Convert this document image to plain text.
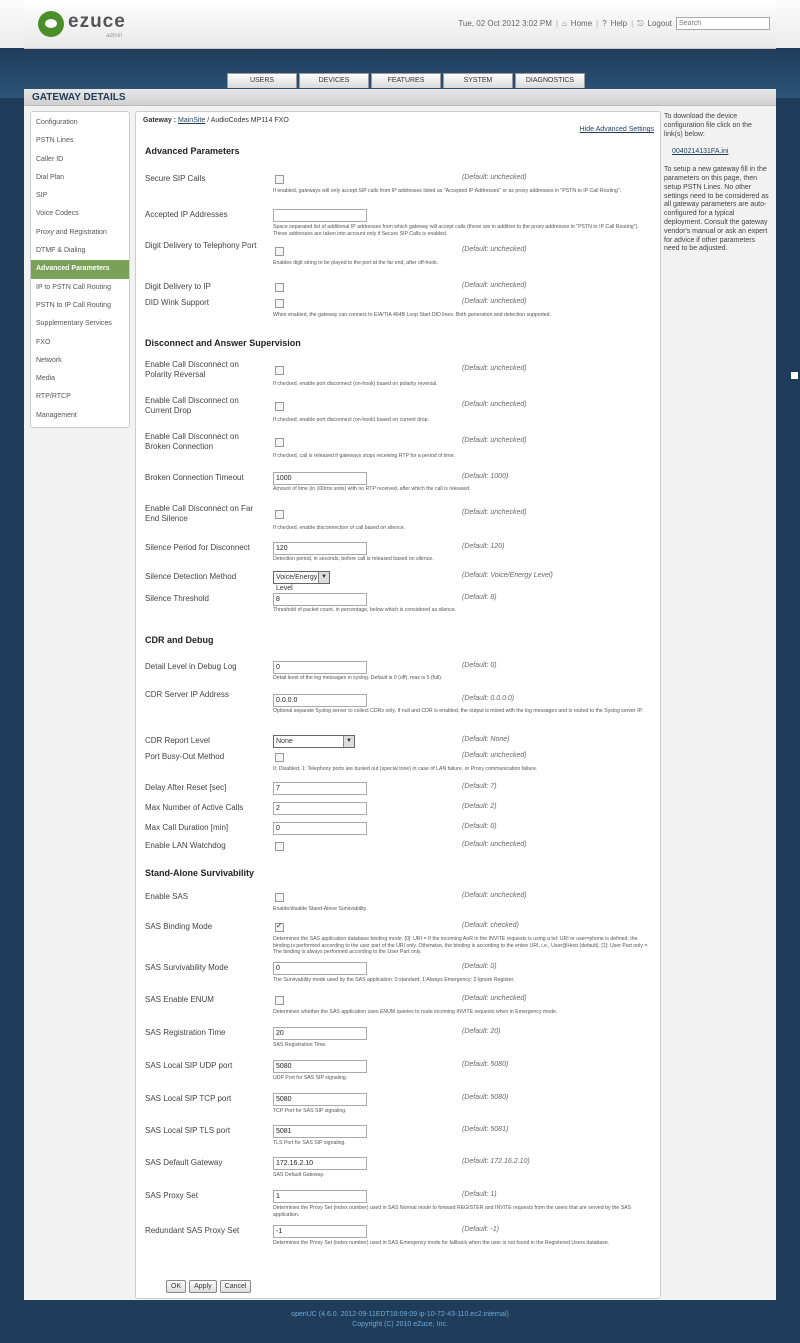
ezuce
admin
Tue, 02 Oct 2012 3:02 PM | ⌂ Home | ? Help | ⎋ Logout
Search
USERS	DEVICES	FEATURES	SYSTEM	DIAGNOSTICS
GATEWAY DETAILS
Configuration
PSTN Lines
Caller ID
Dial Plan
SIP
Voice Codecs
Proxy and Registration
DTMF & Dialing
Advanced Parameters
IP to PSTN Call Routing
PSTN to IP Call Routing
Supplementary Services
FXO
Network
Media
RTP/RTCP
Management
Gateway : MainSite / AudioCodes MP114 FXO
Hide Advanced Settings
Advanced Parameters
Disconnect and Answer Supervision
CDR and Debug
Stand-Alone Survivability
OK	Apply	Cancel
Secure SIP Calls	(Default: unchecked)
If enabled, gateways will only accept SIP calls from IP addresses listed as "Accepted IP Addresses" or as proxy addresses in "PSTN to IP Call Routing".
Accepted IP Addresses
Space separated list of additional IP addresses from which gateway will accept calls (these are in addition to the proxy addresses in "PSTN to IP Call Routing"). These addresses are taken into account only if Secure SIP Calls is enabled.
Digit Delivery to Telephony Port	(Default: unchecked)
Enables digit string to be played to the port at the far end, after off-hook.
Digit Delivery to IP	(Default: unchecked)
DID Wink Support	(Default: unchecked)
When enabled, the gateway can connect to EIA/TIA 464B Loop Start DID lines. Both generation and detection supported.
Enable Call Disconnect on Polarity Reversal
(Default: unchecked)
If checked, enable port disconnect (on-hook) based on polarity reversal.
Enable Call Disconnect on Current Drop
(Default: unchecked)
If checked, enable port disconnect (on-hook) based on current drop.
Enable Call Disconnect on Broken Connection
(Default: unchecked)
If checked, call is released if gateways stops receiving RTP for a period of time.
Broken Connection Timeout	1000	(Default: 1000)
Amount of time (in 100ms units) with no RTP received, after which the call is released.
Enable Call Disconnect on Far End Silence
(Default: unchecked)
If checked, enable disconnection of call based on silence.
Silence Period for Disconnect	120	(Default: 120)
Detection period, in seconds, before call is released based on silence.
Silence Detection Method	Voice/Energy Level
▼	(Default: Voice/Energy Level)
Silence Threshold	8	(Default: 8)
Threshold of packet count, in percentage, below which is considered as silence.
Detail Level in Debug Log	0	(Default: 0)
Detail level of the log messages in syslog. Default is 0 (off), max is 5 (full).
CDR Server IP Address
0.0.0.0	(Default: 0.0.0.0)
Optional separate Syslog server to collect CDRs only. If null and CDR is enabled, the output is mixed with the log messages and is routed to the Syslog server IP.
CDR Report Level	None	▼	(Default: None)
Port Busy-Out Method	(Default: unchecked)
0: Disabled, 1: Telephony ports are busied out (special tone) in case of LAN failure, or Proxy communication failure.
Delay After Reset [sec]	7	(Default: 7)
Max Number of Active Calls	2	(Default: 2)
Max Call Duration [min]	0	(Default: 0)
Enable LAN Watchdog	(Default: unchecked)
Enable SAS	(Default: unchecked)
Enable/disable Stand-Alone Survivability.
SAS Binding Mode
✓	(Default: checked)
Determines the SAS application database binding mode. [0]: URI = If the incoming AoR in the INVITE requests is using a tel: URI or user=phone is defined, the binding is performed according to the user part of the URI only. Otherwise, the binding is according to the entire URI, i.e., User@Host (default). [1]: User Part only = The binding is always performed according to the User Part only.
SAS Survivability Mode	0	(Default: 0)
The Survivability mode used by the SAS application. 0:standard; 1:Always Emergency; 2:Ignore Register.
SAS Enable ENUM	(Default: unchecked)
Determines whether the SAS application uses ENUM queries to route incoming INVITE requests when in Emergency mode.
SAS Registration Time	20	(Default: 20)
SAS Registration Time.
SAS Local SIP UDP port	5080	(Default: 5080)
UDP Port for SAS SIP signaling.
SAS Local SIP TCP port	5080	(Default: 5080)
TCP Port for SAS SIP signaling.
SAS Local SIP TLS port	5081	(Default: 5081)
TLS Port for SAS SIP signaling.
SAS Default Gateway	172.16.2.10	(Default: 172.16.2.10)
SAS Default Gateway.
SAS Proxy Set	1	(Default: 1)
Determines the Proxy Set (index number) used in SAS Normal mode to forward REGISTER and INVITE requests from the users that are served by the SAS application.
Redundant SAS Proxy Set	-1	(Default: -1)
Determines the Proxy Set (index number) used in SAS Emergency mode for fallback when the user is not found in the Registered Users database.
To download the device configuration file click on the link(s) below:
0040214131FA.ini
To setup a new gateway fill in the parameters on this page, then setup PSTN Lines. No other settings need to be considered as all gateway parameters are auto-configured for a typical deployment. Consult the gateway vendor's manual or ask an expert for advice if other parameters need to be adjusted.
openUC (4.6.0. 2012-09-11EDT18:09:09 ip-10-72-43-110.ec2.internal)
Copyright (C) 2010 eZuce, Inc.
